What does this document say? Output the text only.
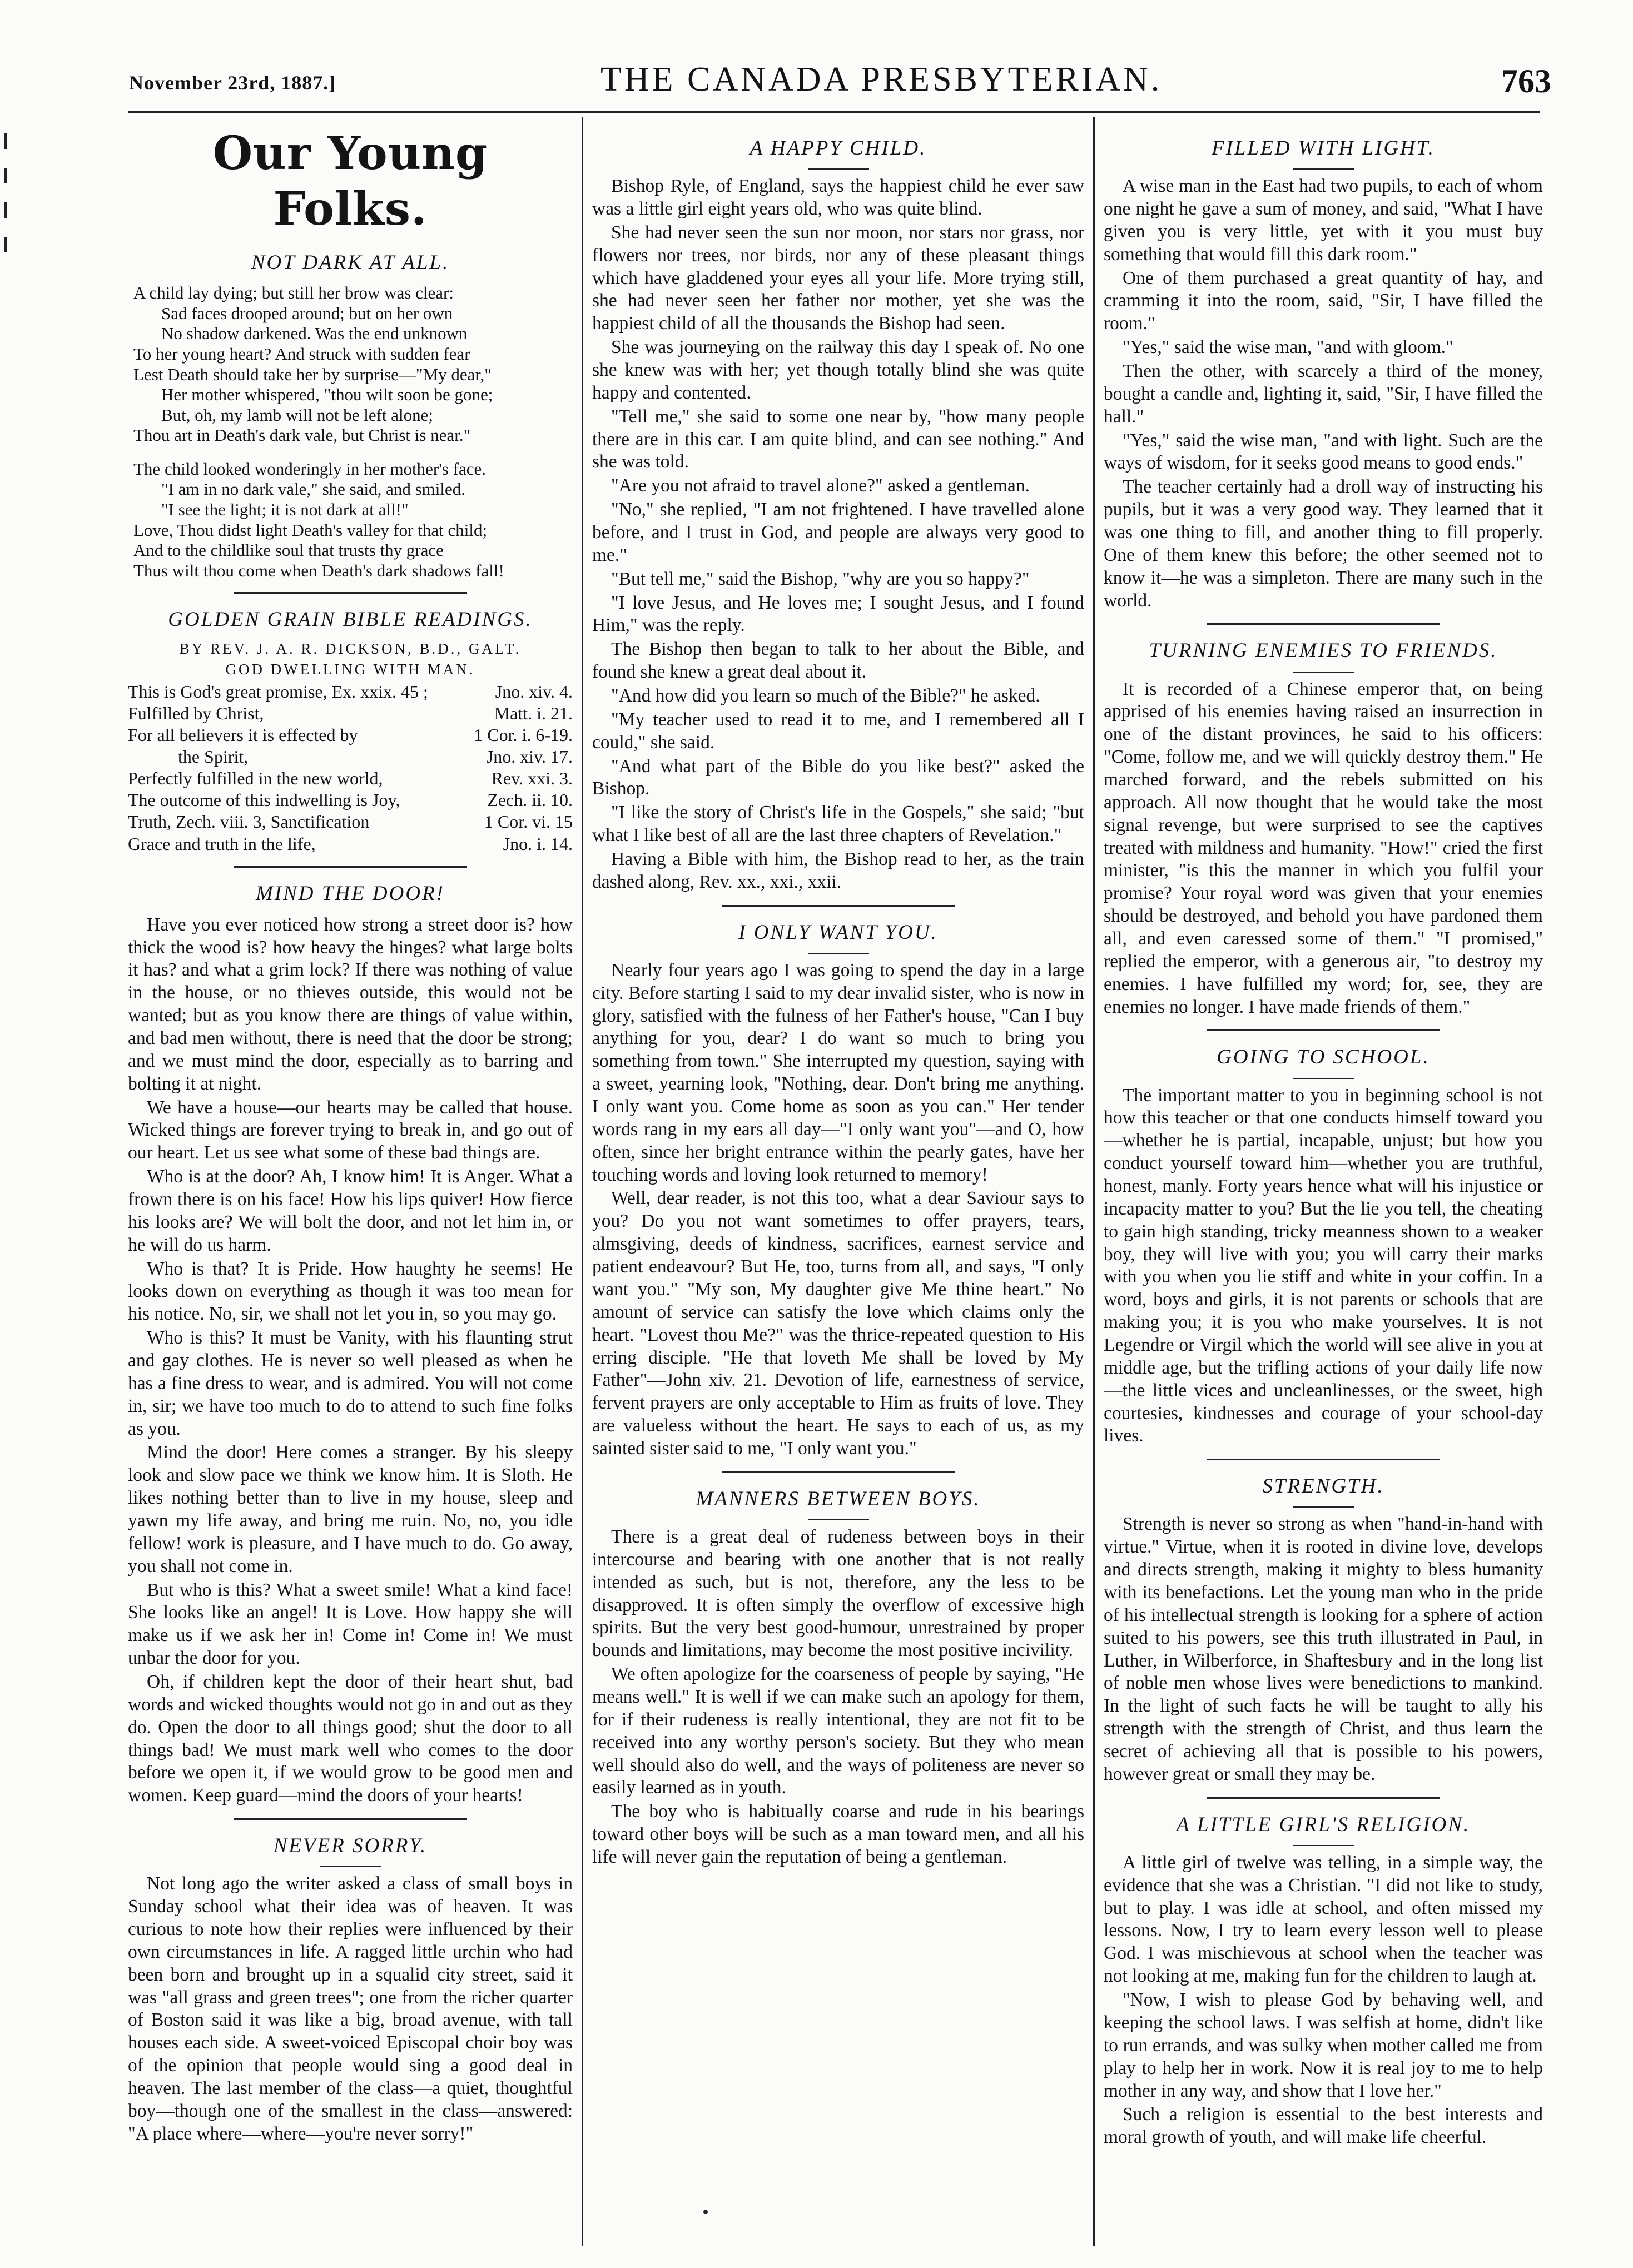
November 23rd, 1887.]	THE CANADA PRESBYTERIAN.	763
Our Young Folks.
NOT DARK AT ALL.
A child lay dying; but still her brow was clear:
Sad faces drooped around; but on her own
No shadow darkened. Was the end unknown
To her young heart? And struck with sudden fear
Lest Death should take her by surprise—"My dear,"
Her mother whispered, "thou wilt soon be gone;
But, oh, my lamb will not be left alone;
Thou art in Death's dark vale, but Christ is near."
The child looked wonderingly in her mother's face.
"I am in no dark vale," she said, and smiled.
"I see the light; it is not dark at all!"
Love, Thou didst light Death's valley for that child;
And to the childlike soul that trusts thy grace
Thus wilt thou come when Death's dark shadows fall!
GOLDEN GRAIN BIBLE READINGS.
BY REV. J. A. R. DICKSON, B.D., GALT.
GOD DWELLING WITH MAN.
This is God's great promise, Ex. xxix. 45 ;	Jno. xiv. 4.
Fulfilled by Christ,	Matt. i. 21.
For all believers it is effected by	1 Cor. i. 6-19.
the Spirit,	Jno. xiv. 17.
Perfectly fulfilled in the new world,	Rev. xxi. 3.
The outcome of this indwelling is Joy,	Zech. ii. 10.
Truth, Zech. viii. 3, Sanctification	1 Cor. vi. 15
Grace and truth in the life,	Jno. i. 14.
MIND THE DOOR!

Have you ever noticed how strong a street door is? how thick the wood is? how heavy the hinges? what large bolts it has? and what a grim lock? If there was nothing of value in the house, or no thieves outside, this would not be wanted; but as you know there are things of value within, and bad men without, there is need that the door be strong; and we must mind the door, especially as to barring and bolting it at night.

We have a house—our hearts may be called that house. Wicked things are forever trying to break in, and go out of our heart. Let us see what some of these bad things are.

Who is at the door? Ah, I know him! It is Anger. What a frown there is on his face! How his lips quiver! How fierce his looks are? We will bolt the door, and not let him in, or he will do us harm.

Who is that? It is Pride. How haughty he seems! He looks down on everything as though it was too mean for his notice. No, sir, we shall not let you in, so you may go.

Who is this? It must be Vanity, with his flaunting strut and gay clothes. He is never so well pleased as when he has a fine dress to wear, and is admired. You will not come in, sir; we have too much to do to attend to such fine folks as you.

Mind the door! Here comes a stranger. By his sleepy look and slow pace we think we know him. It is Sloth. He likes nothing better than to live in my house, sleep and yawn my life away, and bring me ruin. No, no, you idle fellow! work is pleasure, and I have much to do. Go away, you shall not come in.

But who is this? What a sweet smile! What a kind face! She looks like an angel! It is Love. How happy she will make us if we ask her in! Come in! Come in! We must unbar the door for you.

Oh, if children kept the door of their heart shut, bad words and wicked thoughts would not go in and out as they do. Open the door to all things good; shut the door to all things bad! We must mark well who comes to the door before we open it, if we would grow to be good men and women. Keep guard—mind the doors of your hearts!

NEVER SORRY.

Not long ago the writer asked a class of small boys in Sunday school what their idea was of heaven. It was curious to note how their replies were influenced by their own circumstances in life. A ragged little urchin who had been born and brought up in a squalid city street, said it was "all grass and green trees"; one from the richer quarter of Boston said it was like a big, broad avenue, with tall houses each side. A sweet-voiced Episcopal choir boy was of the opinion that people would sing a good deal in heaven. The last member of the class—a quiet, thoughtful boy—though one of the smallest in the class—answered: "A place where—where—you're never sorry!"

A HAPPY CHILD.

Bishop Ryle, of England, says the happiest child he ever saw was a little girl eight years old, who was quite blind.

She had never seen the sun nor moon, nor stars nor grass, nor flowers nor trees, nor birds, nor any of these pleasant things which have gladdened your eyes all your life. More trying still, she had never seen her father nor mother, yet she was the happiest child of all the thousands the Bishop had seen.

She was journeying on the railway this day I speak of. No one she knew was with her; yet though totally blind she was quite happy and contented.

"Tell me," she said to some one near by, "how many people there are in this car. I am quite blind, and can see nothing." And she was told.

"Are you not afraid to travel alone?" asked a gentleman.

"No," she replied, "I am not frightened. I have travelled alone before, and I trust in God, and people are always very good to me."

"But tell me," said the Bishop, "why are you so happy?"

"I love Jesus, and He loves me; I sought Jesus, and I found Him," was the reply.

The Bishop then began to talk to her about the Bible, and found she knew a great deal about it.

"And how did you learn so much of the Bible?" he asked.

"My teacher used to read it to me, and I remembered all I could," she said.

"And what part of the Bible do you like best?" asked the Bishop.

"I like the story of Christ's life in the Gospels," she said; "but what I like best of all are the last three chapters of Revelation."

Having a Bible with him, the Bishop read to her, as the train dashed along, Rev. xx., xxi., xxii.

I ONLY WANT YOU.

Nearly four years ago I was going to spend the day in a large city. Before starting I said to my dear invalid sister, who is now in glory, satisfied with the fulness of her Father's house, "Can I buy anything for you, dear? I do want so much to bring you something from town." She interrupted my question, saying with a sweet, yearning look, "Nothing, dear. Don't bring me anything. I only want you. Come home as soon as you can." Her tender words rang in my ears all day—"I only want you"—and O, how often, since her bright entrance within the pearly gates, have her touching words and loving look returned to memory!

Well, dear reader, is not this too, what a dear Saviour says to you? Do you not want sometimes to offer prayers, tears, almsgiving, deeds of kindness, sacrifices, earnest service and patient endeavour? But He, too, turns from all, and says, "I only want you." "My son, My daughter give Me thine heart." No amount of service can satisfy the love which claims only the heart. "Lovest thou Me?" was the thrice-repeated question to His erring disciple. "He that loveth Me shall be loved by My Father"—John xiv. 21. Devotion of life, earnestness of service, fervent prayers are only acceptable to Him as fruits of love. They are valueless without the heart. He says to each of us, as my sainted sister said to me, "I only want you."

MANNERS BETWEEN BOYS.

There is a great deal of rudeness between boys in their intercourse and bearing with one another that is not really intended as such, but is not, therefore, any the less to be disapproved. It is often simply the overflow of excessive high spirits. But the very best good-humour, unrestrained by proper bounds and limitations, may become the most positive incivility.

We often apologize for the coarseness of people by saying, "He means well." It is well if we can make such an apology for them, for if their rudeness is really intentional, they are not fit to be received into any worthy person's society. But they who mean well should also do well, and the ways of politeness are never so easily learned as in youth.

The boy who is habitually coarse and rude in his bearings toward other boys will be such as a man toward men, and all his life will never gain the reputation of being a gentleman.

FILLED WITH LIGHT.

A wise man in the East had two pupils, to each of whom one night he gave a sum of money, and said, "What I have given you is very little, yet with it you must buy something that would fill this dark room."

One of them purchased a great quantity of hay, and cramming it into the room, said, "Sir, I have filled the room."

"Yes," said the wise man, "and with gloom."

Then the other, with scarcely a third of the money, bought a candle and, lighting it, said, "Sir, I have filled the hall."

"Yes," said the wise man, "and with light. Such are the ways of wisdom, for it seeks good means to good ends."

The teacher certainly had a droll way of instructing his pupils, but it was a very good way. They learned that it was one thing to fill, and another thing to fill properly. One of them knew this before; the other seemed not to know it—he was a simpleton. There are many such in the world.

TURNING ENEMIES TO FRIENDS.

It is recorded of a Chinese emperor that, on being apprised of his enemies having raised an insurrection in one of the distant provinces, he said to his officers: "Come, follow me, and we will quickly destroy them." He marched forward, and the rebels submitted on his approach. All now thought that he would take the most signal revenge, but were surprised to see the captives treated with mildness and humanity. "How!" cried the first minister, "is this the manner in which you fulfil your promise? Your royal word was given that your enemies should be destroyed, and behold you have pardoned them all, and even caressed some of them." "I promised," replied the emperor, with a generous air, "to destroy my enemies. I have fulfilled my word; for, see, they are enemies no longer. I have made friends of them."

GOING TO SCHOOL.

The important matter to you in beginning school is not how this teacher or that one conducts himself toward you—whether he is partial, incapable, unjust; but how you conduct yourself toward him—whether you are truthful, honest, manly. Forty years hence what will his injustice or incapacity matter to you? But the lie you tell, the cheating to gain high standing, tricky meanness shown to a weaker boy, they will live with you; you will carry their marks with you when you lie stiff and white in your coffin. In a word, boys and girls, it is not parents or schools that are making you; it is you who make yourselves. It is not Legendre or Virgil which the world will see alive in you at middle age, but the trifling actions of your daily life now—the little vices and uncleanlinesses, or the sweet, high courtesies, kindnesses and courage of your school-day lives.

STRENGTH.

Strength is never so strong as when "hand-in-hand with virtue." Virtue, when it is rooted in divine love, develops and directs strength, making it mighty to bless humanity with its benefactions. Let the young man who in the pride of his intellectual strength is looking for a sphere of action suited to his powers, see this truth illustrated in Paul, in Luther, in Wilberforce, in Shaftesbury and in the long list of noble men whose lives were benedictions to mankind. In the light of such facts he will be taught to ally his strength with the strength of Christ, and thus learn the secret of achieving all that is possible to his powers, however great or small they may be.

A LITTLE GIRL'S RELIGION.

A little girl of twelve was telling, in a simple way, the evidence that she was a Christian. "I did not like to study, but to play. I was idle at school, and often missed my lessons. Now, I try to learn every lesson well to please God. I was mischievous at school when the teacher was not looking at me, making fun for the children to laugh at.

"Now, I wish to please God by behaving well, and keeping the school laws. I was selfish at home, didn't like to run errands, and was sulky when mother called me from play to help her in work. Now it is real joy to me to help mother in any way, and show that I love her."

Such a religion is essential to the best interests and moral growth of youth, and will make life cheerful.
